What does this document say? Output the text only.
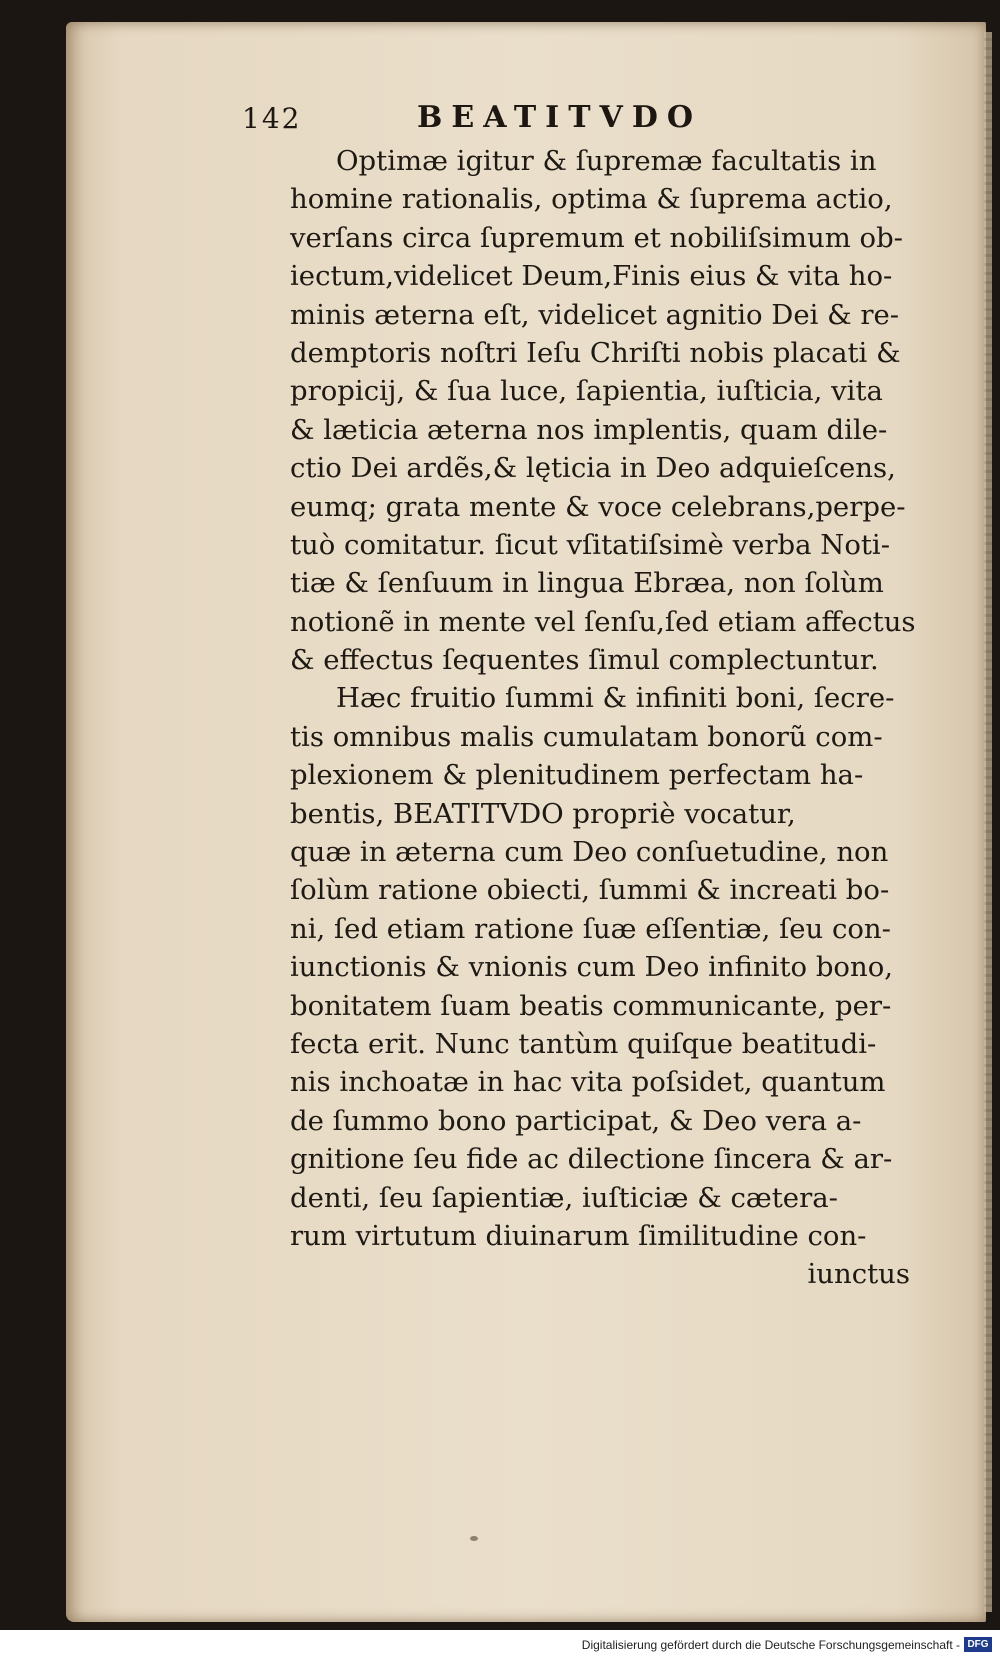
142	BEATITVDO
Optimæ igitur & ſupremæ facultatis in
homine rationalis, optima & ſuprema actio,
verſans circa ſupremum et nobiliſsimum ob-
iectum,videlicet Deum,Finis eius & vita ho-
minis æterna eſt, videlicet agnitio Dei & re-
demptoris noſtri Ieſu Chriſti nobis placati &
propicij, & ſua luce, ſapientia, iuſticia, vita
& læticia æterna nos implentis, quam dile-
ctio Dei ardẽs,& lęticia in Deo adquieſcens,
eumq; grata mente & voce celebrans,perpe-
tuò comitatur. ſicut vſitatiſsimè verba Noti-
tiæ & ſenſuum in lingua Ebræa, non ſolùm
notionẽ in mente vel ſenſu,ſed etiam affectus
& effectus ſequentes ſimul complectuntur.
Hæc fruitio ſummi & infiniti boni, ſecre-
tis omnibus malis cumulatam bonorũ com-
plexionem & plenitudinem perfectam ha-
bentis, BEATITVDO propriè vocatur,
quæ in æterna cum Deo conſuetudine, non
ſolùm ratione obiecti, ſummi & increati bo-
ni, ſed etiam ratione ſuæ eſſentiæ, ſeu con-
iunctionis & vnionis cum Deo infinito bono,
bonitatem ſuam beatis communicante, per-
fecta erit. Nunc tantùm quiſque beatitudi-
nis inchoatæ in hac vita poſsidet, quantum
de ſummo bono participat, & Deo vera a-
gnitione ſeu fide ac dilectione ſincera & ar-
denti, ſeu ſapientiæ, iuſticiæ & cætera-
rum virtutum diuinarum ſimilitudine con-
iunctus
Digitalisierung gefördert durch die Deutsche Forschungsgemeinschaft - DFG
